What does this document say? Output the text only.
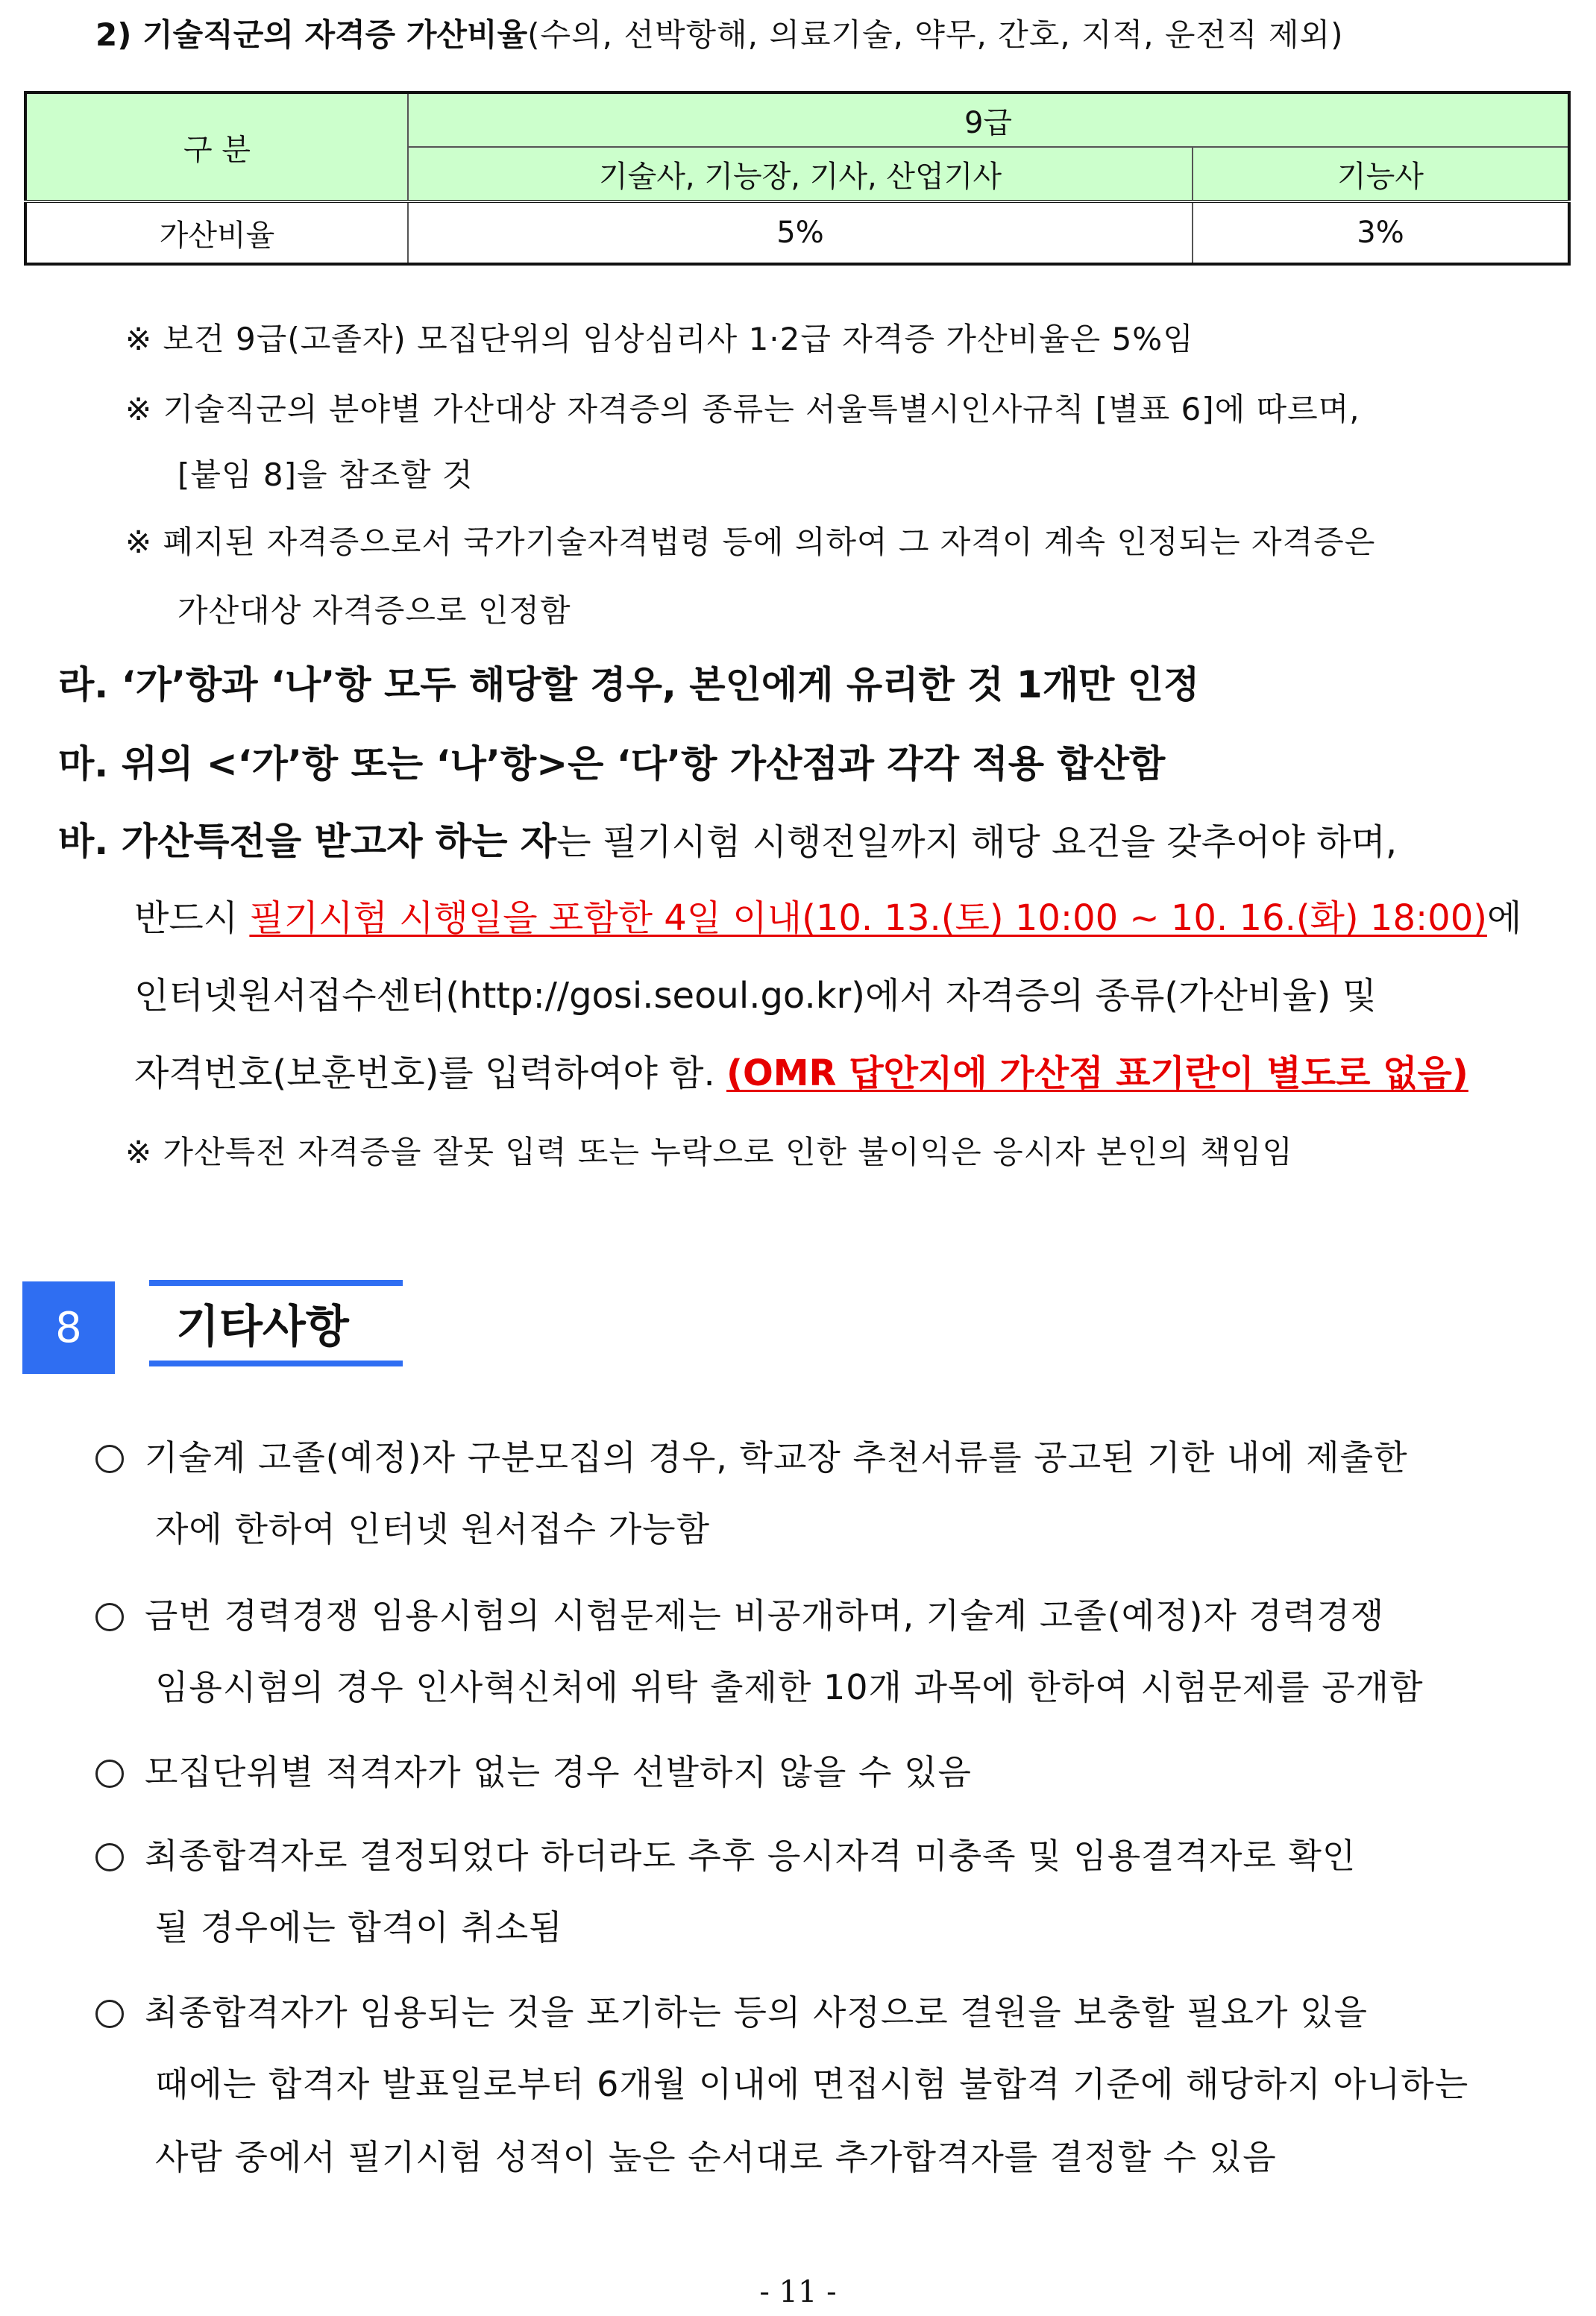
2) 기술직군의 자격증 가산비율(수의, 선박항해, 의료기술, 약무, 간호, 지적, 운전직 제외)
구 분	9급	
	기술사, 기능장, 기사, 산업기사	기능사
가산비율	5%	3%
※ 보건 9급(고졸자) 모집단위의 임상심리사 1·2급 자격증 가산비율은 5%임
※ 기술직군의 분야별 가산대상 자격증의 종류는 서울특별시인사규칙 [별표 6]에 따르며,
[붙임 8]을 참조할 것
※ 폐지된 자격증으로서 국가기술자격법령 등에 의하여 그 자격이 계속 인정되는 자격증은
가산대상 자격증으로 인정함
라. ‘가’항과 ‘나’항 모두 해당할 경우, 본인에게 유리한 것 1개만 인정
마. 위의 <‘가’항 또는 ‘나’항>은 ‘다’항 가산점과 각각 적용 합산함
바. 가산특전을 받고자 하는 자는 필기시험 시행전일까지 해당 요건을 갖추어야 하며,
반드시 필기시험 시행일을 포함한 4일 이내(10. 13.(토) 10:00 ~ 10. 16.(화) 18:00)에
인터넷원서접수센터(http://gosi.seoul.go.kr)에서 자격증의 종류(가산비율) 및
자격번호(보훈번호)를 입력하여야 함. (OMR 답안지에 가산점 표기란이 별도로 없음)
※ 가산특전 자격증을 잘못 입력 또는 누락으로 인한 불이익은 응시자 본인의 책임임
8	기타사항
기술계 고졸(예정)자 구분모집의 경우, 학교장 추천서류를 공고된 기한 내에 제출한
자에 한하여 인터넷 원서접수 가능함
금번 경력경쟁 임용시험의 시험문제는 비공개하며, 기술계 고졸(예정)자 경력경쟁
임용시험의 경우 인사혁신처에 위탁 출제한 10개 과목에 한하여 시험문제를 공개함
모집단위별 적격자가 없는 경우 선발하지 않을 수 있음
최종합격자로 결정되었다 하더라도 추후 응시자격 미충족 및 임용결격자로 확인
될 경우에는 합격이 취소됨
최종합격자가 임용되는 것을 포기하는 등의 사정으로 결원을 보충할 필요가 있을
때에는 합격자 발표일로부터 6개월 이내에 면접시험 불합격 기준에 해당하지 아니하는
사람 중에서 필기시험 성적이 높은 순서대로 추가합격자를 결정할 수 있음
- 11 -
